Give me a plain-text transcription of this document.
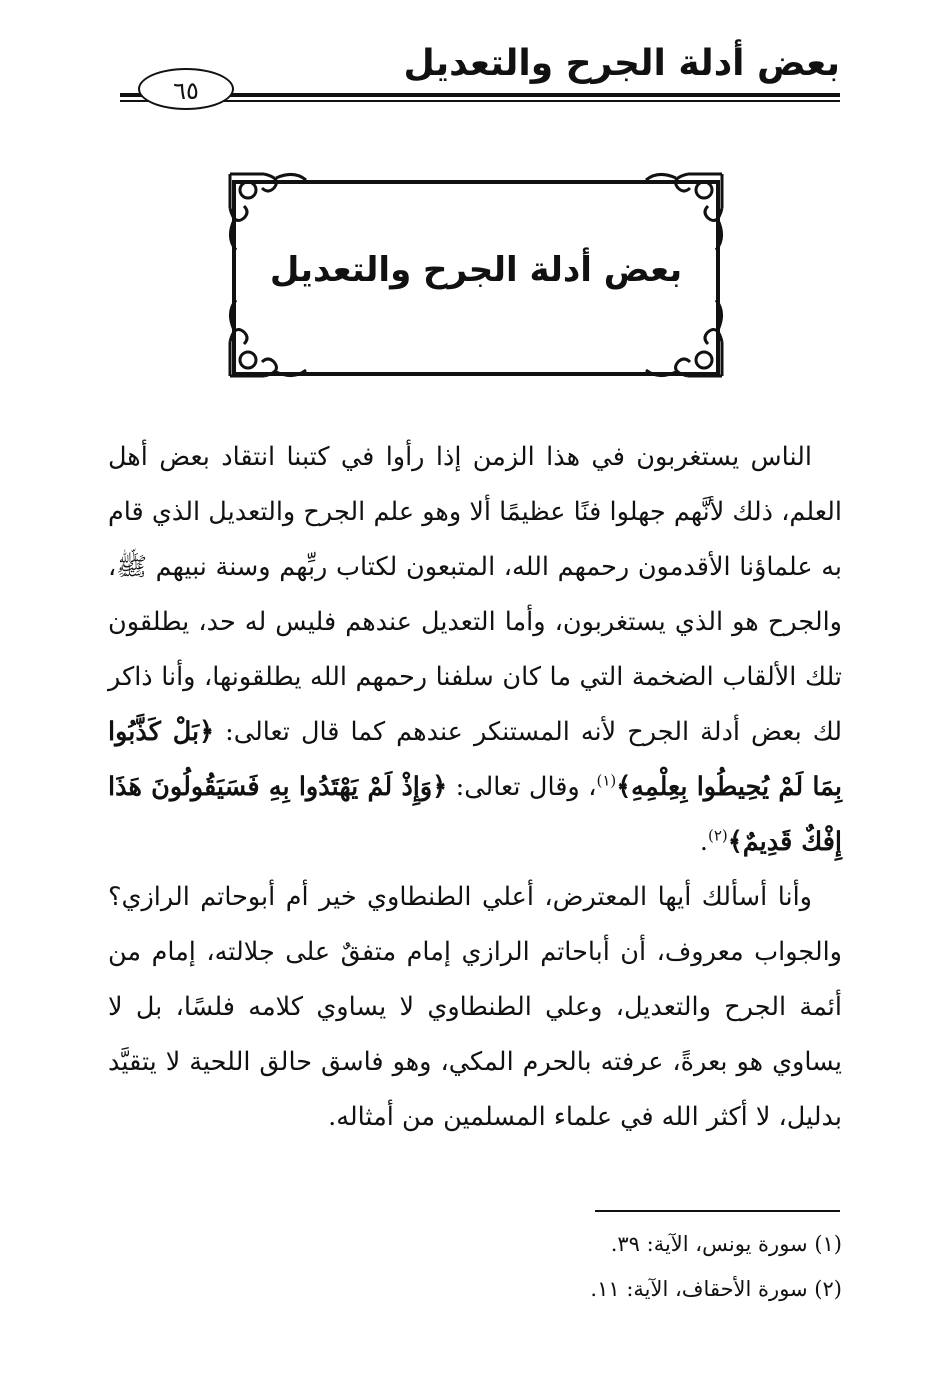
بعض أدلة الجرح والتعديل
٦٥
بعض أدلة الجرح والتعديل

الناس يستغربون في هذا الزمن إذا رأوا في كتبنا انتقاد بعض أهل العلم، ذلك لأنَّهم جهلوا فنًا عظيمًا ألا وهو علم الجرح والتعديل الذي قام به علماؤنا الأقدمون رحمهم الله، المتبعون لكتاب ربِّهم وسنة نبيهم ﷺ، والجرح هو الذي يستغربون، وأما التعديل عندهم فليس له حد، يطلقون تلك الألقاب الضخمة التي ما كان سلفنا رحمهم الله يطلقونها، وأنا ذاكر لك بعض أدلة الجرح لأنه المستنكر عندهم كما قال تعالى: ﴿بَلْ كَذَّبُوا بِمَا لَمْ يُحِيطُوا بِعِلْمِهِ﴾$^{(١)}$، وقال تعالى: ﴿وَإِذْ لَمْ يَهْتَدُوا بِهِ فَسَيَقُولُونَ هَذَا إِفْكٌ قَدِيمٌ﴾$^{(٢)}$.

وأنا أسألك أيها المعترض، أعلي الطنطاوي خير أم أبوحاتم الرازي؟ والجواب معروف، أن أباحاتم الرازي إمام متفقٌ على جلالته، إمام من أئمة الجرح والتعديل، وعلي الطنطاوي لا يساوي كلامه فلسًا، بل لا يساوي هو بعرةً، عرفته بالحرم المكي، وهو فاسق حالق اللحية لا يتقيَّد بدليل، لا أكثر الله في علماء المسلمين من أمثاله.

(١) سورة يونس، الآية: ٣٩.

(٢) سورة الأحقاف، الآية: ١١.
